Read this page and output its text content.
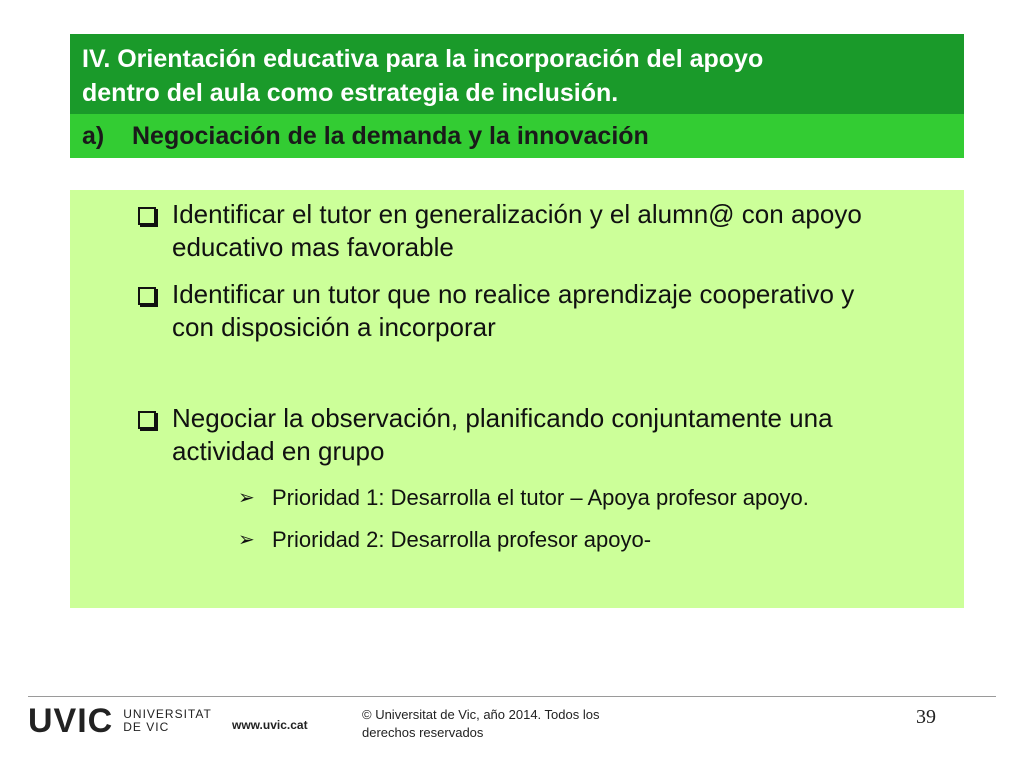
IV. Orientación educativa para la incorporación del apoyo

dentro del aula como estrategia de inclusión.

a)	Negociación de la demanda y la innovación
Identificar el tutor en generalización y el alumn@ con apoyo
educativo mas favorable
Identificar un tutor que no realice aprendizaje cooperativo y
con disposición a incorporar
Negociar la observación, planificando conjuntamente una
actividad en grupo
➢ Prioridad 1: Desarrolla el tutor – Apoya profesor apoyo.
➢ Prioridad 2: Desarrolla profesor apoyo-
UVIC UNIVERSITAT
DE VIC	www.uvic.cat
© Universitat de Vic, año 2014. Todos los
derechos reservados
39
